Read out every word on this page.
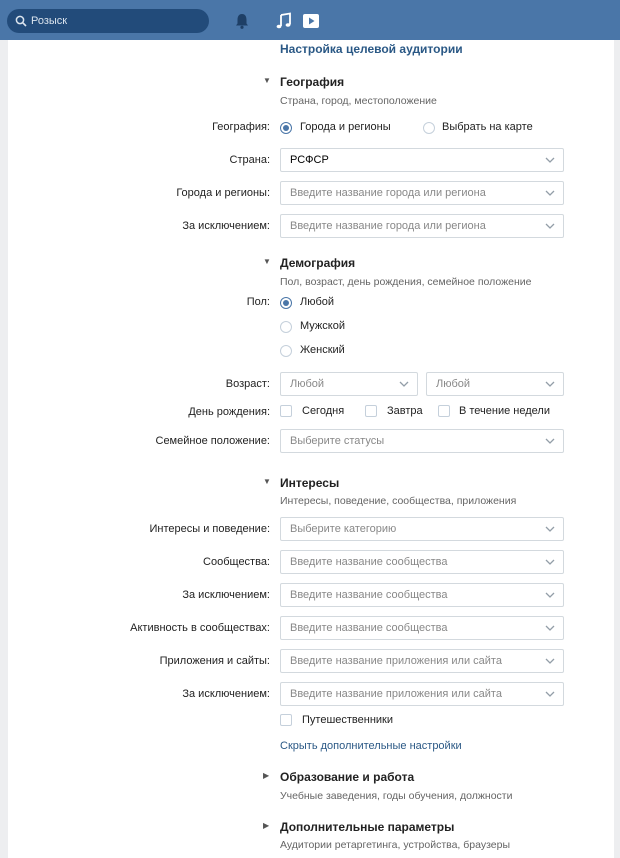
Розыск
Настройка целевой аудитории
▼ География
Страна, город, местоположение
География:	Города и регионы	Выбрать на карте
Страна:	РСФСР
Города и регионы:	Введите название города или региона
За исключением:	Введите название города или региона
▼ Демография
Пол, возраст, день рождения, семейное положение
Пол:	Любой
Мужской
Женский
Возраст:	Любой	Любой
День рождения:	Сегодня	Завтра	В течение недели
Семейное положение:	Выберите статусы
▼ Интересы
Интересы, поведение, сообщества, приложения
Интересы и поведение:	Выберите категорию
Сообщества:	Введите название сообщества
За исключением:	Введите название сообщества
Активность в сообществах:	Введите название сообщества
Приложения и сайты:	Введите название приложения или сайта
За исключением:	Введите название приложения или сайта
Путешественники
Скрыть дополнительные настройки
▶ Образование и работа
Учебные заведения, годы обучения, должности
▶ Дополнительные параметры
Аудитории ретаргетинга, устройства, браузеры
